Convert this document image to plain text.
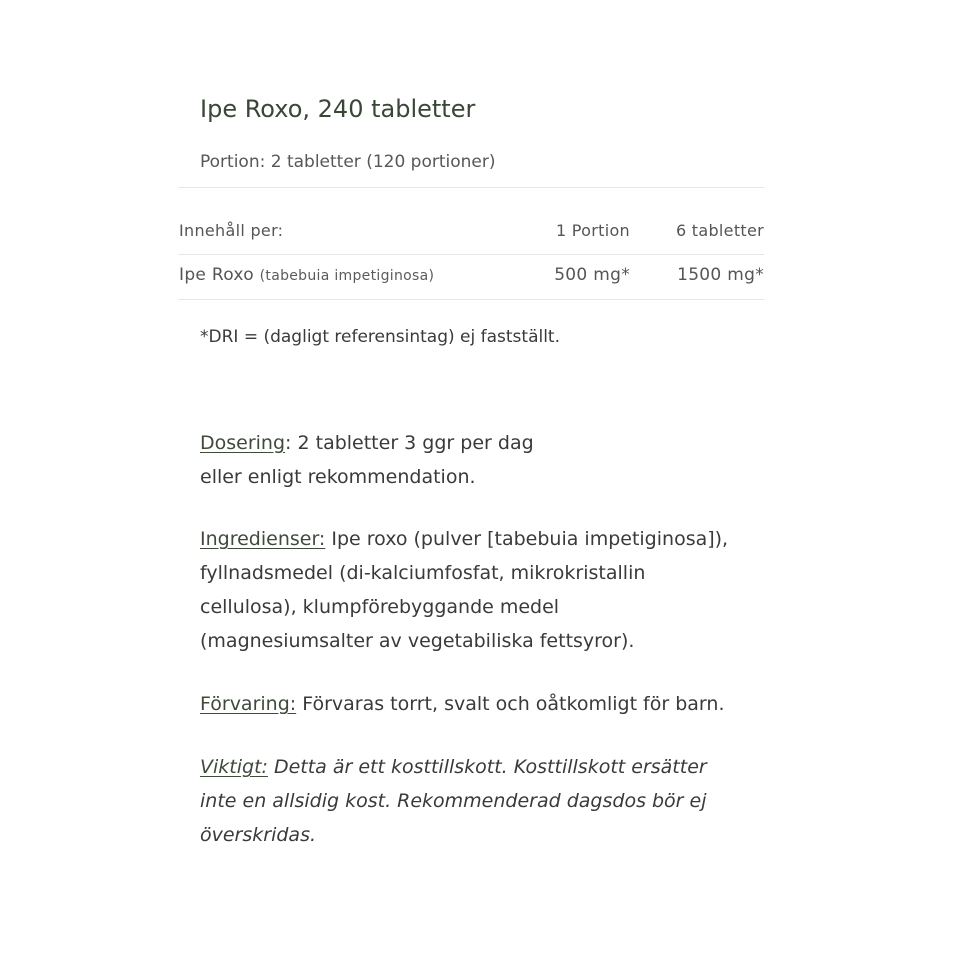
Ipe Roxo, 240 tabletter
Portion: 2 tabletter (120 portioner)
Innehåll per:	1 Portion	6 tabletter
Ipe Roxo (tabebuia impetiginosa)	500 mg*	1500 mg*
*DRI = (dagligt referensintag) ej fastställt.
Dosering: 2 tabletter 3 ggr per dag
eller enligt rekommendation.
Ingredienser: Ipe roxo (pulver [tabebuia impetiginosa]),
fyllnadsmedel (di-kalciumfosfat, mikrokristallin
cellulosa), klumpförebyggande medel
(magnesiumsalter av vegetabiliska fettsyror).
Förvaring: Förvaras torrt, svalt och oåtkomligt för barn.
Viktigt: Detta är ett kosttillskott. Kosttillskott ersätter
inte en allsidig kost. Rekommenderad dagsdos bör ej
överskridas.
